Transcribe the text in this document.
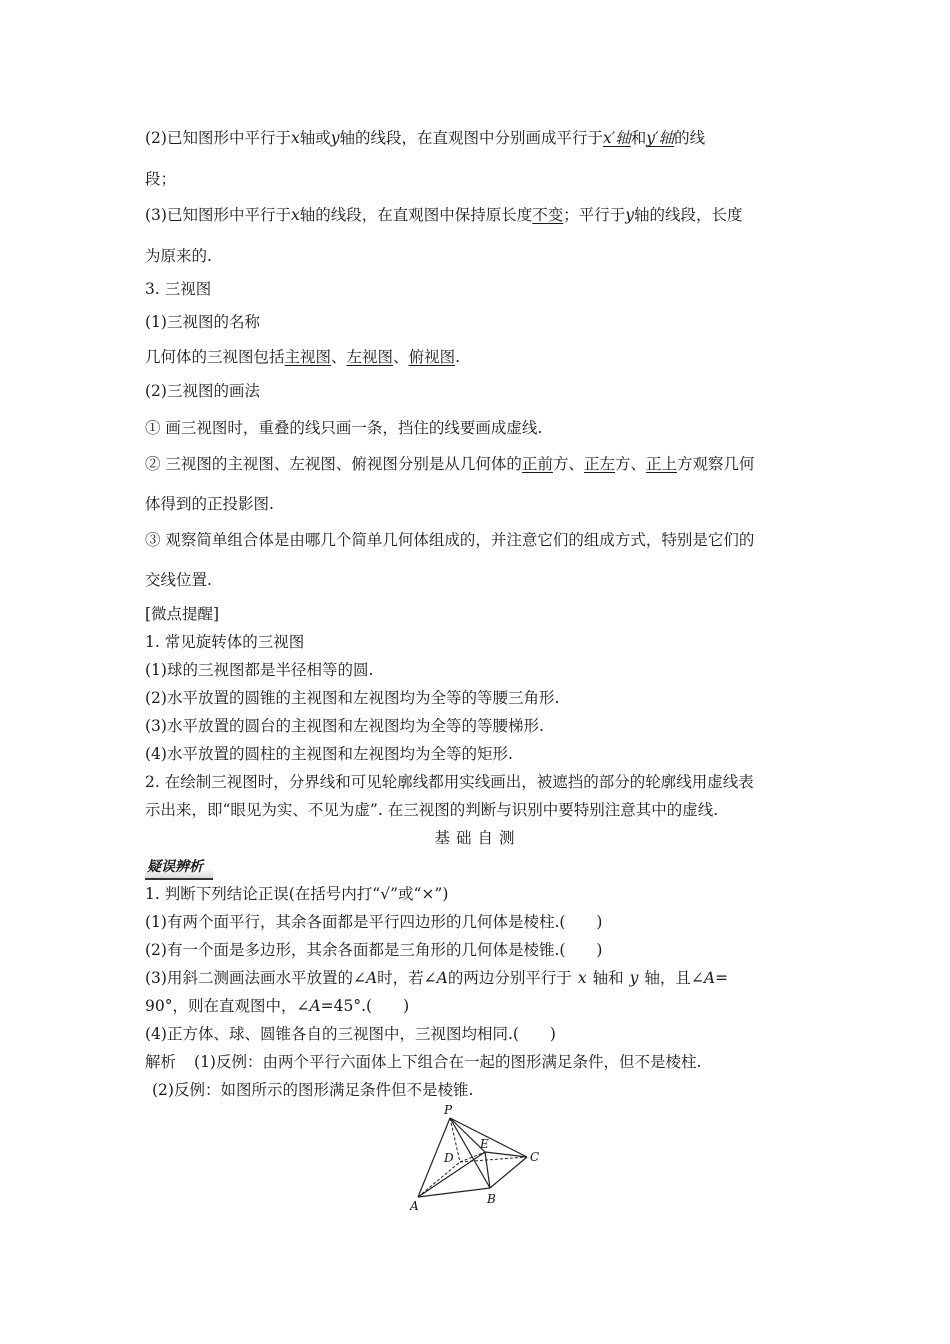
(2)已知图形中平行于x轴或y轴的线段，在直观图中分别画成平行于x′轴和y′轴的线
段；
(3)已知图形中平行于x轴的线段，在直观图中保持原长度不变；平行于y轴的线段，长度
为原来的.
3. 三视图
(1)三视图的名称
几何体的三视图包括主视图、左视图、俯视图.
(2)三视图的画法
① 画三视图时，重叠的线只画一条，挡住的线要画成虚线.
② 三视图的主视图、左视图、俯视图分别是从几何体的正前方、正左方、正上方观察几何
体得到的正投影图.
③ 观察简单组合体是由哪几个简单几何体组成的，并注意它们的组成方式，特别是它们的
交线位置.
[微点提醒]
1. 常见旋转体的三视图
(1)球的三视图都是半径相等的圆.
(2)水平放置的圆锥的主视图和左视图均为全等的等腰三角形.
(3)水平放置的圆台的主视图和左视图均为全等的等腰梯形.
(4)水平放置的圆柱的主视图和左视图均为全等的矩形.
2. 在绘制三视图时，分界线和可见轮廓线都用实线画出，被遮挡的部分的轮廓线用虚线表
示出来，即“眼见为实、不见为虚”. 在三视图的判断与识别中要特别注意其中的虚线.
基础自测
疑误辨析
1. 判断下列结论正误(在括号内打“√”或“×”)
(1)有两个面平行，其余各面都是平行四边形的几何体是棱柱.(　　)
(2)有一个面是多边形，其余各面都是三角形的几何体是棱锥.(　　)
(3)用斜二测画法画水平放置的∠A时，若∠A的两边分别平行于 x 轴和 y 轴，且∠A=
90°，则在直观图中，∠A=45°.(　　)
(4)正方体、球、圆锥各自的三视图中，三视图均相同.(　　)
解析 (1)反例：由两个平行六面体上下组合在一起的图形满足条件，但不是棱柱.
(2)反例：如图所示的图形满足条件但不是棱锥.
P
E
D	C
A	B
